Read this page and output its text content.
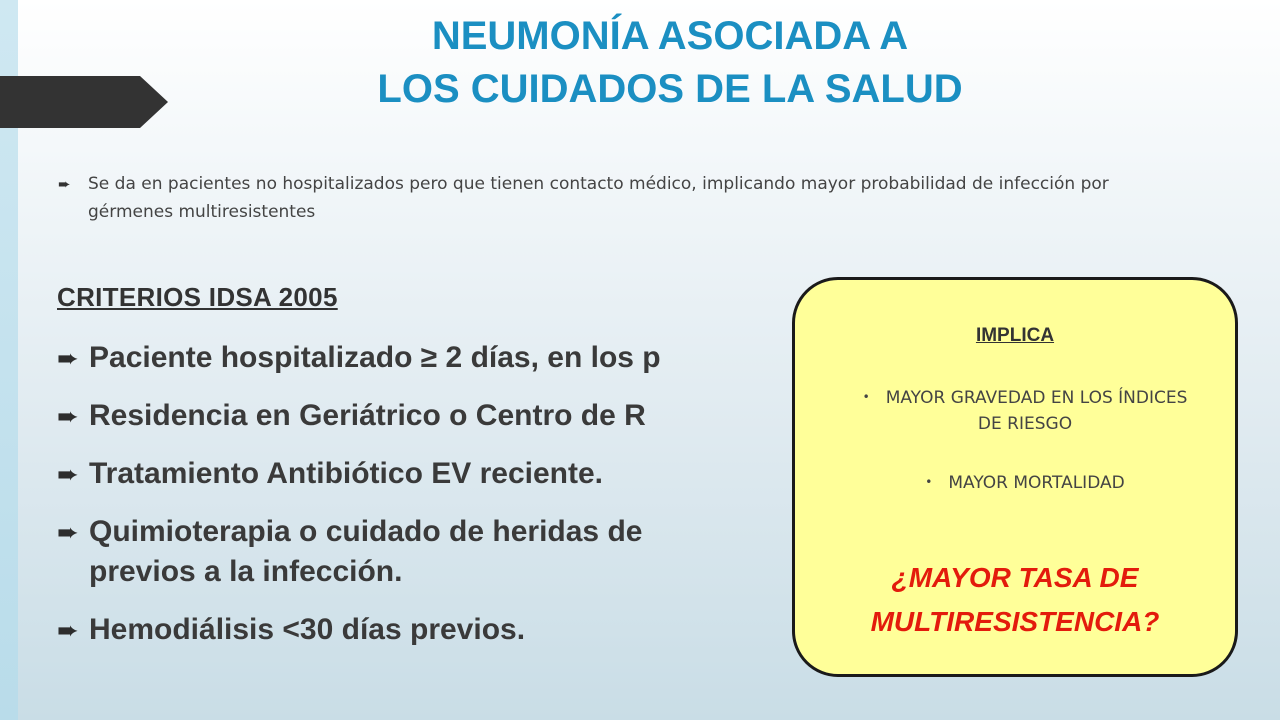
NEUMONÍA ASOCIADA A
LOS CUIDADOS DE LA SALUD
➨	Se da en pacientes no hospitalizados pero que tienen contacto médico, implicando mayor probabilidad de infección por gérmenes multiresistentes
CRITERIOS IDSA 2005
➨ Paciente hospitalizado ≥ 2 días, en los p
➨ Residencia en Geriátrico o Centro de R
➨ Tratamiento Antibiótico EV reciente.
➨ Quimioterapia o cuidado de heridas de
previos a la infección.
➨ Hemodiálisis <30 días previos.
IMPLICA
• MAYOR GRAVEDAD EN LOS ÍNDICES DE RIESGO
• MAYOR MORTALIDAD
¿MAYOR TASA DE
MULTIRESISTENCIA?
